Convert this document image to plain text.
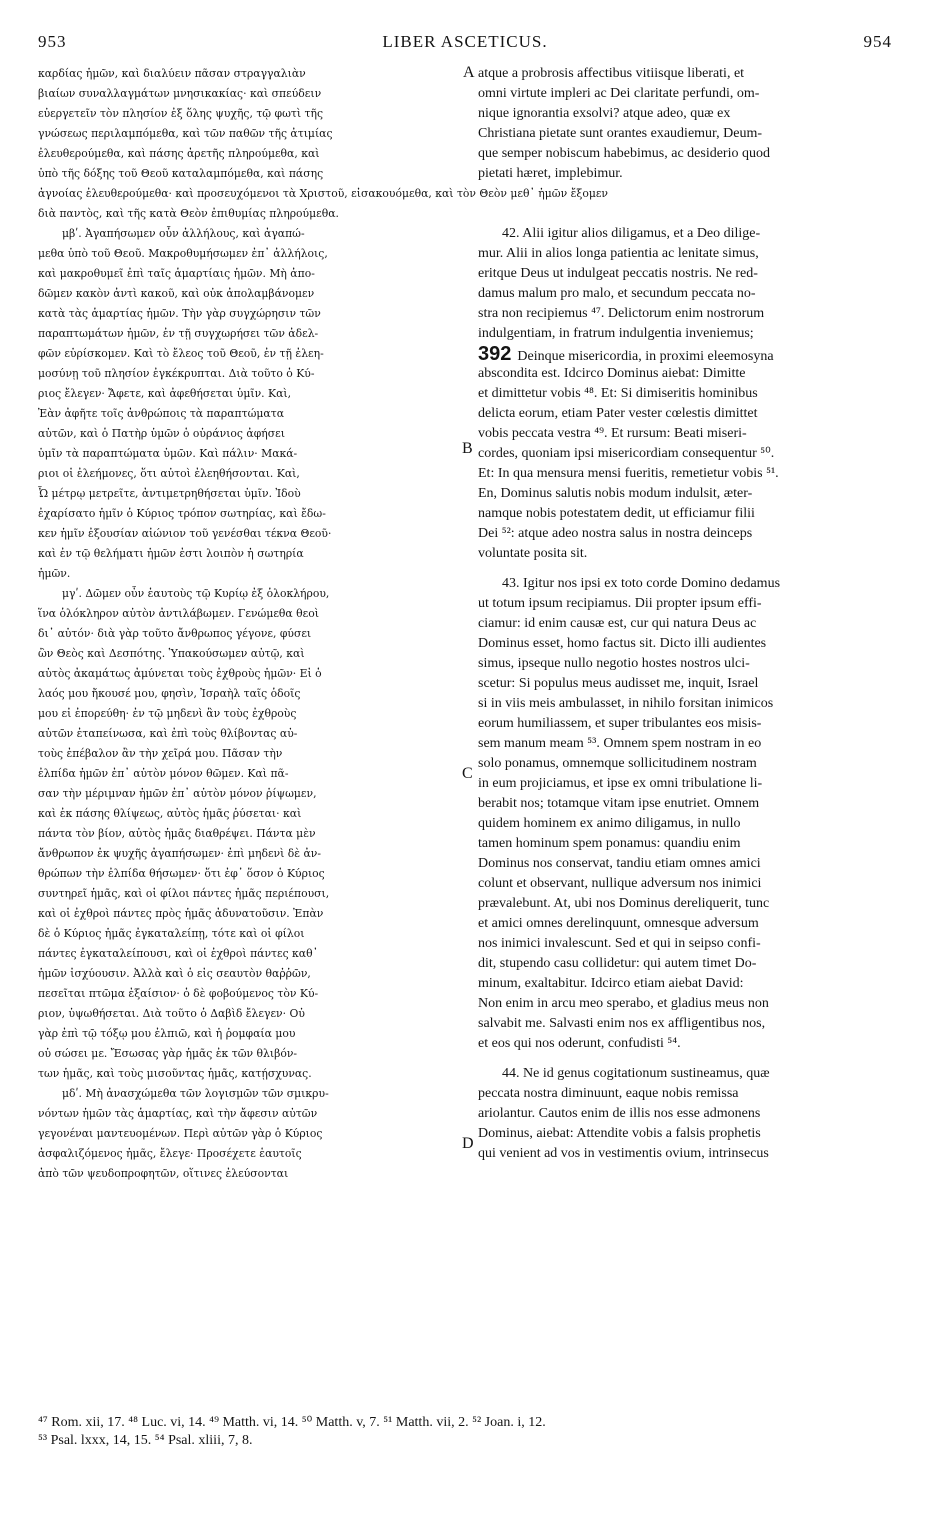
953	LIBER ASCETICUS.	954
καρδίας ἡμῶν, καὶ διαλύειν πᾶσαν στραγγαλιὰν
βιαίων συναλλαγμάτων μνησικακίας· καὶ σπεύδειν
εὐεργετεῖν τὸν πλησίον ἐξ ὅλης ψυχῆς, τῷ φωτὶ τῆς
γνώσεως περιλαμπόμεθα, καὶ τῶν παθῶν τῆς ἀτιμίας
ἐλευθερούμεθα, καὶ πάσης ἀρετῆς πληρούμεθα, καὶ
ὑπὸ τῆς δόξης τοῦ Θεοῦ καταλαμπόμεθα, καὶ πάσης
ἀγνοίας ἐλευθερούμεθα· καὶ προσευχόμενοι τὰ Χριστοῦ, εἰσακουόμεθα, καὶ τὸν Θεὸν μεθ᾽ ἡμῶν ἔξομεν
διὰ παντὸς, καὶ τῆς κατὰ Θεὸν ἐπιθυμίας πληρούμεθα.
μβʹ. Ἀγαπήσωμεν οὖν ἀλλήλους, καὶ ἀγαπώ-
μεθα ὑπὸ τοῦ Θεοῦ. Μακροθυμήσωμεν ἐπ᾽ ἀλλήλοις,
καὶ μακροθυμεῖ ἐπὶ ταῖς ἁμαρτίαις ἡμῶν. Μὴ ἀπο-
δῶμεν κακὸν ἀντὶ κακοῦ, καὶ οὐκ ἀπολαμβάνομεν
κατὰ τὰς ἁμαρτίας ἡμῶν. Τὴν γὰρ συγχώρησιν τῶν
παραπτωμάτων ἡμῶν, ἐν τῇ συγχωρήσει τῶν ἀδελ-
φῶν εὑρίσκομεν. Καὶ τὸ ἔλεος τοῦ Θεοῦ, ἐν τῇ ἐλεη-
μοσύνῃ τοῦ πλησίον ἐγκέκρυπται. Διὰ τοῦτο ὁ Κύ-
ριος ἔλεγεν· Ἄφετε, καὶ ἀφεθήσεται ὑμῖν. Καὶ,
Ἐὰν ἀφῆτε τοῖς ἀνθρώποις τὰ παραπτώματα
αὐτῶν, καὶ ὁ Πατὴρ ὑμῶν ὁ οὐράνιος ἀφήσει
ὑμῖν τὰ παραπτώματα ὑμῶν. Καὶ πάλιν· Μακά-
ριοι οἱ ἐλεήμονες, ὅτι αὐτοὶ ἐλεηθήσονται. Καὶ,
Ὦ μέτρῳ μετρεῖτε, ἀντιμετρηθήσεται ὑμῖν. Ἰδοὺ
ἐχαρίσατο ἡμῖν ὁ Κύριος τρόπον σωτηρίας, καὶ ἔδω-
κεν ἡμῖν ἐξουσίαν αἰώνιον τοῦ γενέσθαι τέκνα Θεοῦ·
καὶ ἐν τῷ θελήματι ἡμῶν ἐστι λοιπὸν ἡ σωτηρία
ἡμῶν.
μγʹ. Δῶμεν οὖν ἑαυτοὺς τῷ Κυρίῳ ἐξ ὁλοκλήρου,
ἵνα ὁλόκληρον αὐτὸν ἀντιλάβωμεν. Γενώμεθα θεοὶ
δι᾽ αὐτόν· διὰ γὰρ τοῦτο ἄνθρωπος γέγονε, φύσει
ὢν Θεὸς καὶ Δεσπότης. Ὑπακούσωμεν αὐτῷ, καὶ
αὐτὸς ἀκαμάτως ἀμύνεται τοὺς ἐχθροὺς ἡμῶν· Εἰ ὁ
λαός μου ἤκουσέ μου, φησὶν, Ἰσραὴλ ταῖς ὁδοῖς
μου εἰ ἐπορεύθη· ἐν τῷ μηδενὶ ἂν τοὺς ἐχθροὺς
αὐτῶν ἐταπείνωσα, καὶ ἐπὶ τοὺς θλίβοντας αὐ-
τοὺς ἐπέβαλον ἂν τὴν χεῖρά μου. Πᾶσαν τὴν
ἐλπίδα ἡμῶν ἐπ᾽ αὐτὸν μόνον θῶμεν. Καὶ πᾶ-
σαν τὴν μέριμναν ἡμῶν ἐπ᾽ αὐτὸν μόνον ῥίψωμεν,
καὶ ἐκ πάσης θλίψεως, αὐτὸς ἡμᾶς ῥύσεται· καὶ
πάντα τὸν βίον, αὐτὸς ἡμᾶς διαθρέψει. Πάντα μὲν
ἄνθρωπον ἐκ ψυχῆς ἀγαπήσωμεν· ἐπὶ μηδενὶ δὲ ἀν-
θρώπων τὴν ἐλπίδα θήσωμεν· ὅτι ἐφ᾽ ὅσον ὁ Κύριος
συντηρεῖ ἡμᾶς, καὶ οἱ φίλοι πάντες ἡμᾶς περιέπουσι,
καὶ οἱ ἐχθροὶ πάντες πρὸς ἡμᾶς ἀδυνατοῦσιν. Ἐπὰν
δὲ ὁ Κύριος ἡμᾶς ἐγκαταλείπῃ, τότε καὶ οἱ φίλοι
πάντες ἐγκαταλείπουσι, καὶ οἱ ἐχθροὶ πάντες καθ᾽
ἡμῶν ἰσχύουσιν. Ἀλλὰ καὶ ὁ εἰς σεαυτὸν θαῤῥῶν,
πεσεῖται πτῶμα ἐξαίσιον· ὁ δὲ φοβούμενος τὸν Κύ-
ριον, ὑψωθήσεται. Διὰ τοῦτο ὁ Δαβὶδ ἔλεγεν· Οὐ
γὰρ ἐπὶ τῷ τόξῳ μου ἐλπιῶ, καὶ ἡ ῥομφαία μου
οὐ σώσει με. Ἔσωσας γὰρ ἡμᾶς ἐκ τῶν θλιβόν-
των ἡμᾶς, καὶ τοὺς μισοῦντας ἡμᾶς, κατῄσχυνας.
μδʹ. Μὴ ἀνασχώμεθα τῶν λογισμῶν τῶν σμικρυ-
νόντων ἡμῶν τὰς ἁμαρτίας, καὶ τὴν ἄφεσιν αὐτῶν
γεγονέναι μαντευομένων. Περὶ αὐτῶν γὰρ ὁ Κύριος
ἀσφαλιζόμενος ἡμᾶς, ἔλεγε· Προσέχετε ἑαυτοῖς
ἀπὸ τῶν ψευδοπροφητῶν, οἵτινες ἐλεύσονται
atque a probrosis affectibus vitiisque liberati, et
omni virtute impleri ac Dei claritate perfundi, om-
nique ignorantia exsolvi? atque adeo, quæ ex
Christiana pietate sunt orantes exaudiemur, Deum-
que semper nobiscum habebimus, ac desiderio quod
pietati hæret, implebimur.
42. Alii igitur alios diligamus, et a Deo dilige-
mur. Alii in alios longa patientia ac lenitate simus,
eritque Deus ut indulgeat peccatis nostris. Ne red-
damus malum pro malo, et secundum peccata no-
stra non recipiemus ⁴⁷. Delictorum enim nostrorum
indulgentiam, in fratrum indulgentia inveniemus;
392 Deinque misericordia, in proximi eleemosyna
abscondita est. Idcirco Dominus aiebat: Dimitte
et dimittetur vobis ⁴⁸. Et: Si dimiseritis hominibus
delicta eorum, etiam Pater vester cœlestis dimittet
vobis peccata vestra ⁴⁹. Et rursum: Beati miseri-
cordes, quoniam ipsi misericordiam consequentur ⁵⁰.
Et: In qua mensura mensi fueritis, remetietur vobis ⁵¹.
En, Dominus salutis nobis modum indulsit, æter-
namque nobis potestatem dedit, ut efficiamur filii
Dei ⁵²: atque adeo nostra salus in nostra deinceps
voluntate posita sit.
43. Igitur nos ipsi ex toto corde Domino dedamus
ut totum ipsum recipiamus. Dii propter ipsum effi-
ciamur: id enim causæ est, cur qui natura Deus ac
Dominus esset, homo factus sit. Dicto illi audientes
simus, ipseque nullo negotio hostes nostros ulci-
scetur: Si populus meus audisset me, inquit, Israel
si in viis meis ambulasset, in nihilo forsitan inimicos
eorum humiliassem, et super tribulantes eos misis-
sem manum meam ⁵³. Omnem spem nostram in eo
solo ponamus, omnemque sollicitudinem nostram
in eum projiciamus, et ipse ex omni tribulatione li-
berabit nos; totamque vitam ipse enutriet. Omnem
quidem hominem ex animo diligamus, in nullo
tamen hominum spem ponamus: quandiu enim
Dominus nos conservat, tandiu etiam omnes amici
colunt et observant, nullique adversum nos inimici
prævalebunt. At, ubi nos Dominus dereliquerit, tunc
et amici omnes derelinquunt, omnesque adversum
nos inimici invalescunt. Sed et qui in seipso confi-
dit, stupendo casu collidetur: qui autem timet Do-
minum, exaltabitur. Idcirco etiam aiebat David:
Non enim in arcu meo sperabo, et gladius meus non
salvabit me. Salvasti enim nos ex affligentibus nos,
et eos qui nos oderunt, confudisti ⁵⁴.
44. Ne id genus cogitationum sustineamus, quæ
peccata nostra diminuunt, eaque nobis remissa
ariolantur. Cautos enim de illis nos esse admonens
Dominus, aiebat: Attendite vobis a falsis prophetis
qui venient ad vos in vestimentis ovium, intrinsecus
A
B
C
D
⁴⁷ Rom. xii, 17. ⁴⁸ Luc. vi, 14. ⁴⁹ Matth. vi, 14. ⁵⁰ Matth. v, 7. ⁵¹ Matth. vii, 2. ⁵² Joan. i, 12.
⁵³ Psal. lxxx, 14, 15. ⁵⁴ Psal. xliii, 7, 8.
